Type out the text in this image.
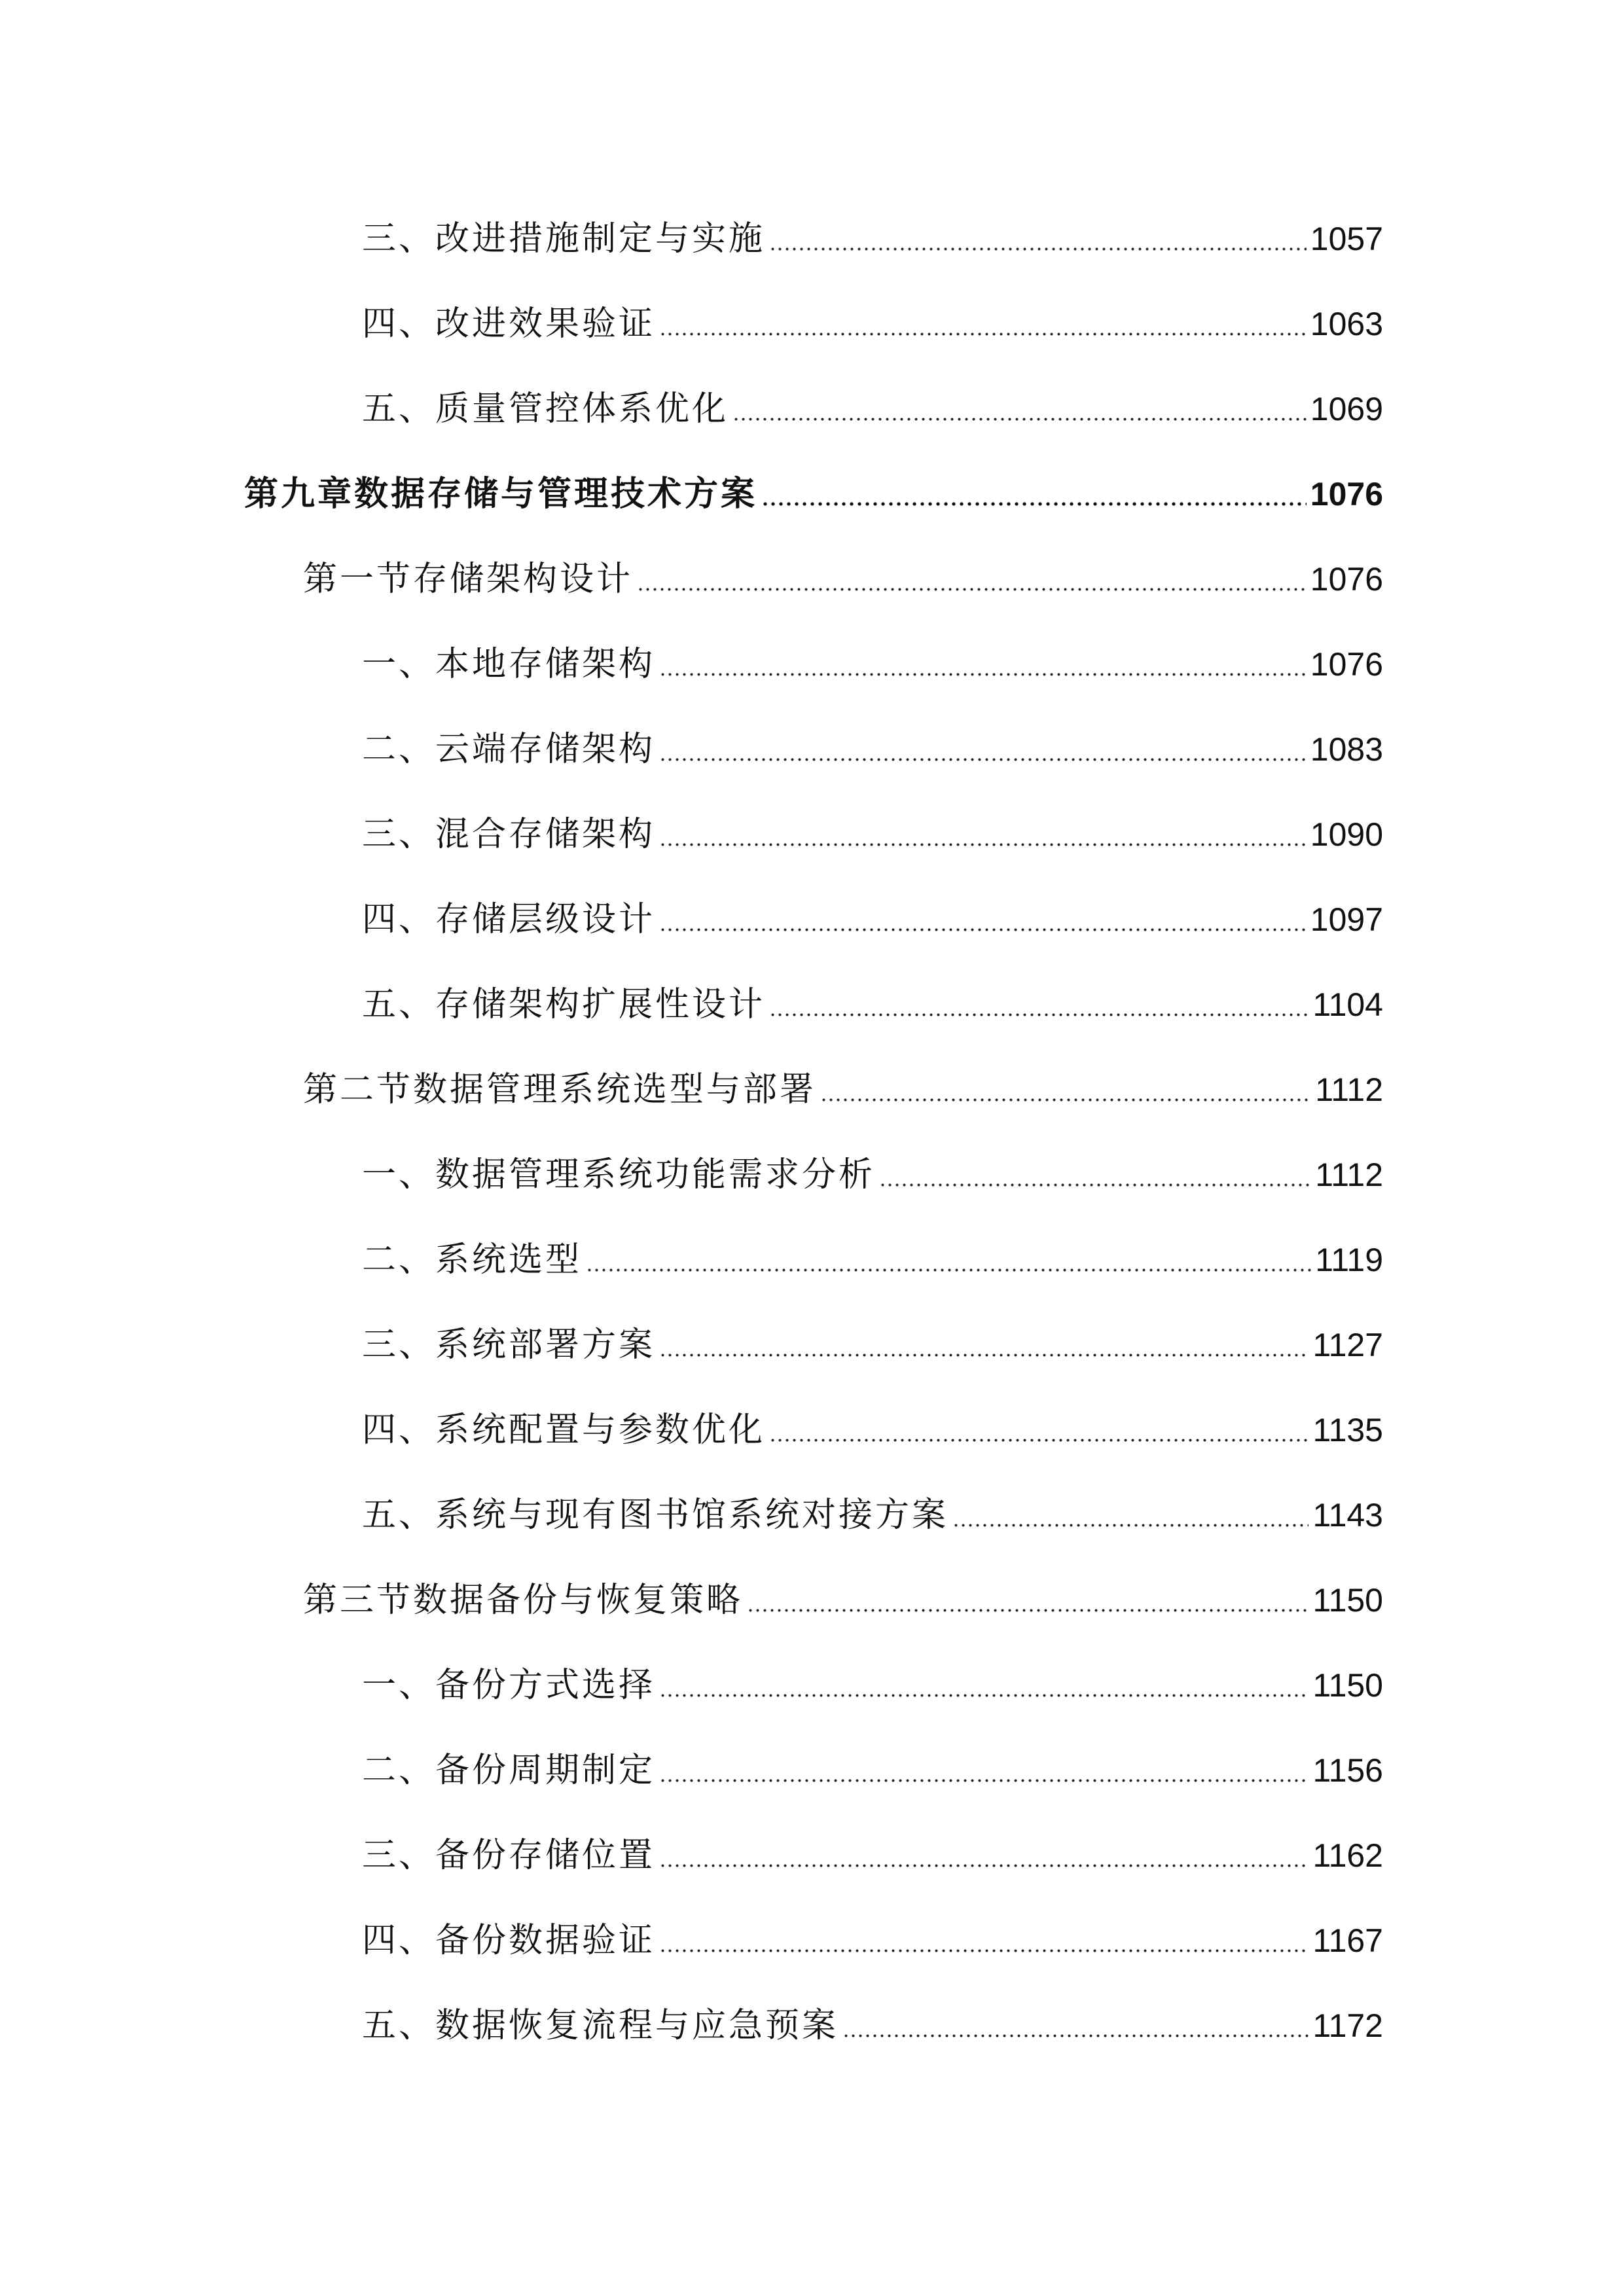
三、改进措施制定与实施	1057
四、改进效果验证	1063
五、质量管控体系优化	1069
第九章数据存储与管理技术方案	1076
第一节存储架构设计	1076
一、本地存储架构	1076
二、云端存储架构	1083
三、混合存储架构	1090
四、存储层级设计	1097
五、存储架构扩展性设计	1104
第二节数据管理系统选型与部署	1112
一、数据管理系统功能需求分析	1112
二、系统选型	1119
三、系统部署方案	1127
四、系统配置与参数优化	1135
五、系统与现有图书馆系统对接方案	1143
第三节数据备份与恢复策略	1150
一、备份方式选择	1150
二、备份周期制定	1156
三、备份存储位置	1162
四、备份数据验证	1167
五、数据恢复流程与应急预案	1172
